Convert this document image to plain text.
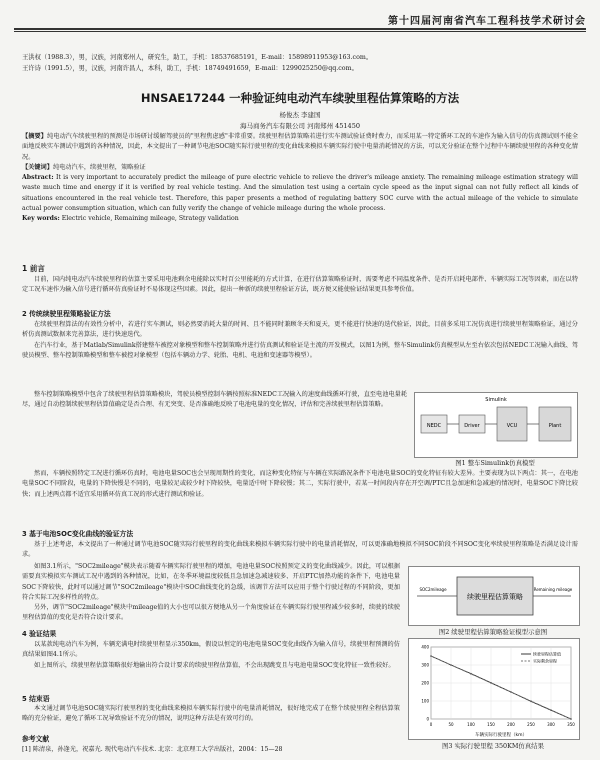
第十四届河南省汽车工程科技学术研讨会
王洪权（1988.3），男，汉族，河南郑州人，研究生，助工，手机：18537685191，E-mail：15898911953@163.com。
王许诗（1991.5），男，汉族，河南许昌人，本科，助工，手机：18749491659，E-mail：1299025250@qq.com。
HNSAE17244 一种验证纯电动汽车续驶里程估算策略的方法
杨俊杰 李建国
海马商务汽车有限公司 河南郑州 451450

【摘要】纯电动汽车续驶里程的预测是市场研讨缓解驾驶员的"里程焦虑感"非常重要。续驶里程估算策略若进行实车测试验证费时费力，而采用某一特定循环工况的车速作为输入信号的仿真测试则不能全面地反映实车测试中遇到的各种情况，因此，本文提出了一种调节电池SOC随实际行驶里程的变化曲线来模拟车辆实际行驶中电量消耗情况的方法，可以充分验证在整个过程中车辆续驶里程的各种变化情况。

【关键词】纯电动汽车，续驶里程，策略验证

Abstract: It is very important to accurately predict the mileage of pure electric vehicle to relieve the driver's mileage anxiety. The remaining mileage estimation strategy will waste much time and energy if it is verified by real vehicle testing. And the simulation test using a certain cycle speed as the input signal can not fully reflect all kinds of situations encountered in the real vehicle test. Therefore, this paper presents a method of regulating battery SOC curve with the actual mileage of the vehicle to simulate actual power consumption situation, which can fully verify the change of vehicle mileage during the whole process.

Key words: Electric vehicle, Remaining mileage, Strategy validation

1 前言

目前，国内纯电动汽车续驶里程的估算主要采用电池剩余电能除以实时百公里能耗的方式计算，在进行估算策略验证时，需要考虑不同温度条件、是否开启耗电部件、车辆实际工况等因素，而在以特定工况车速作为输入信号进行循环仿真验证时不易体现这些因素。因此，提出一种新的续驶里程验证方法，既方便又能使验证结果更具参考价值。

2 传统续驶里程策略验证方法

在续驶里程算法的有效性分析中，若进行实车测试，则必然要消耗大量的时间、且不能同时兼顾冬天和夏天，更不能进行快速的迭代验证，因此，目前多采用工况仿真进行续驶里程策略验证，通过分析仿真测试数据来完善算法，进行快速迭代。

在汽车行业，基于Matlab/Simulink搭建整车被控对象模型和整车控制策略并进行仿真测试和验证是主流的开发模式，以图1为例，整车Simulink仿真模型从左至右依次包括NEDC工况输入曲线、驾驶员模型、整车控制策略模型和整车被控对象模型（包括车辆动力学、轮胎、电机、电池和变速器等模型）。

整车控制策略模型中包含了续驶里程估算策略模块，驾驶员模型控制车辆按照标准NEDC工况输入的速度曲线循环行驶，直至电池电量耗尽，通过自动控制续驶里程估算值确定是否合理、有无突变、是否准确地反映了电池电量的变化情况，评估和完善续驶里程估算策略。

NEDC	Driver	VCU	Plant
Simulink
图1 整车Simulink仿真模型

然而，车辆按照特定工况进行循环仿真时，电池电量SOC也会呈现周期性的变化，而这种变化特征与车辆在实际路况条件下电池电量SOC的变化特征有较大差异。主要表现为以下两点：其一，在电池电量SOC不同阶段，电量的下降快慢是不同的，电量较足或较少时下降较快，电量适中时下降较慢；其二，实际行驶中，若某一时间段内存在开空调/PTC且急加速和急减速的情况时，电量SOC下降比较快；而上述两点都不适宜采用循环仿真工况的形式进行测试和验证。

3 基于电池SOC变化曲线的验证方法

基于上述考虑，本文提出了一种通过调节电池SOC随实际行驶里程的变化曲线来模拟车辆实际行驶中的电量消耗情况，可以更准确地模拟不同SOC阶段不同SOC变化率续驶里程策略是否满足设计需求。

如图3.1所示，"SOC2mileage"模块表示随着车辆实际行驶里程的增加，电池电量SOC按照预定义的变化曲线减少。因此，可以根据需要真实模拟实车测试工况中遇到的各种情况，比如，在冬季环境温度较低且急加速急减速较多、开启PTC加热功能的条件下，电池电量SOC下降较快，此时可以通过调节"SOC2mileage"模块中SOC曲线变化的急缓，该调节方法可以应用于整个行驶过程的不同阶段，更加符合实际工况多样性的特点。

另外，调节"SOC2mileage"模块中mileage值的大小也可以很方便地从另一个角度验证在车辆实际行驶里程减少较多时，续驶的续驶里程估算值的变化是否符合设计要求。

续驶里程估算策略
SOC2mileage	Remaining mileage
图2 续驶里程估算策略验证模型示意图
4 验证结果

以某款纯电动汽车为例，车辆充满电时续驶里程显示350km，假设以恒定的电池电量SOC变化曲线作为输入信号，续驶里程预测的仿真结果如图4.1所示。

如上图所示，续驶里程估算策略很好地输出符合设计要求的续驶里程估算值，不会出现跳变且与电池电量SOC变化特征一致性较好。

0	50	100	150	200	250	300	350
0
100
200
300
400
续驶里程估算值
实际剩余里程
车辆实际行驶里程（km）
图3 实际行驶里程 350KM仿真结果
5 结束语

本文通过调节电池SOC随实际行驶里程的变化曲线来模拟车辆实际行驶中的电量消耗情况，很好地完成了在整个续驶里程全程估算策略的充分验证，避免了循环工况导致验证不充分的情况，说明这种方法是有效可行的。

参考文献
[1] 陈清泉，孙逢光，祝嘉光. 现代电动汽车技术. 北京：北京理工大学出版社，2004：15—28
